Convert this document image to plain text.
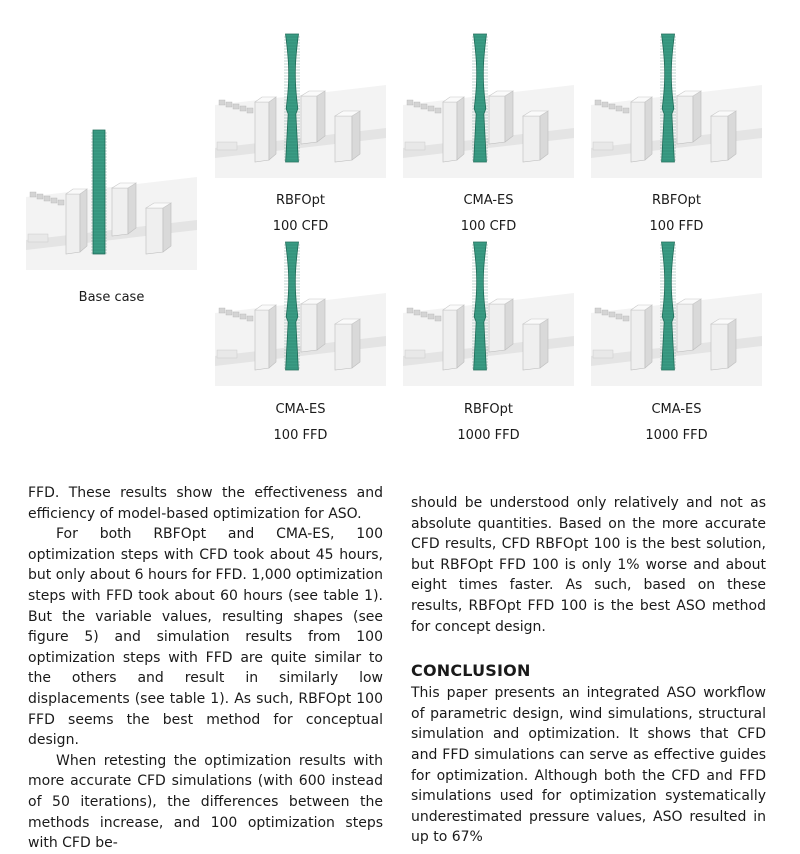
Base case
RBFOpt
100 CFD
CMA-ES
100 CFD
RBFOpt
100 FFD
CMA-ES
100 FFD
RBFOpt
1000 FFD
CMA-ES
1000 FFD

FFD. These results show the effectiveness and efficiency of model-based optimization for ASO.

For both RBFOpt and CMA-ES, 100 optimization steps with CFD took about 45 hours, but only about 6 hours for FFD. 1,000 optimization steps with FFD took about 60 hours (see table 1). But the variable values, resulting shapes (see figure 5) and simulation results from 100 optimization steps with FFD are quite similar to the others and result in similarly low displacements (see table 1). As such, RBFOpt 100 FFD seems the best method for conceptual design.

When retesting the optimization results with more accurate CFD simulations (with 600 instead of 50 iterations), the differences between the methods increase, and 100 optimization steps with CFD be-

should be understood only relatively and not as absolute quantities. Based on the more accurate CFD results, CFD RBFOpt 100 is the best solution, but RBFOpt FFD 100 is only 1% worse and about eight times faster. As such, based on these results, RBFOpt FFD 100 is the best ASO method for concept design.

CONCLUSION

This paper presents an integrated ASO workflow of parametric design, wind simulations, structural simulation and optimization. It shows that CFD and FFD simulations can serve as effective guides for optimization. Although both the CFD and FFD simulations used for optimization systematically underestimated pressure values, ASO resulted in up to 67%
